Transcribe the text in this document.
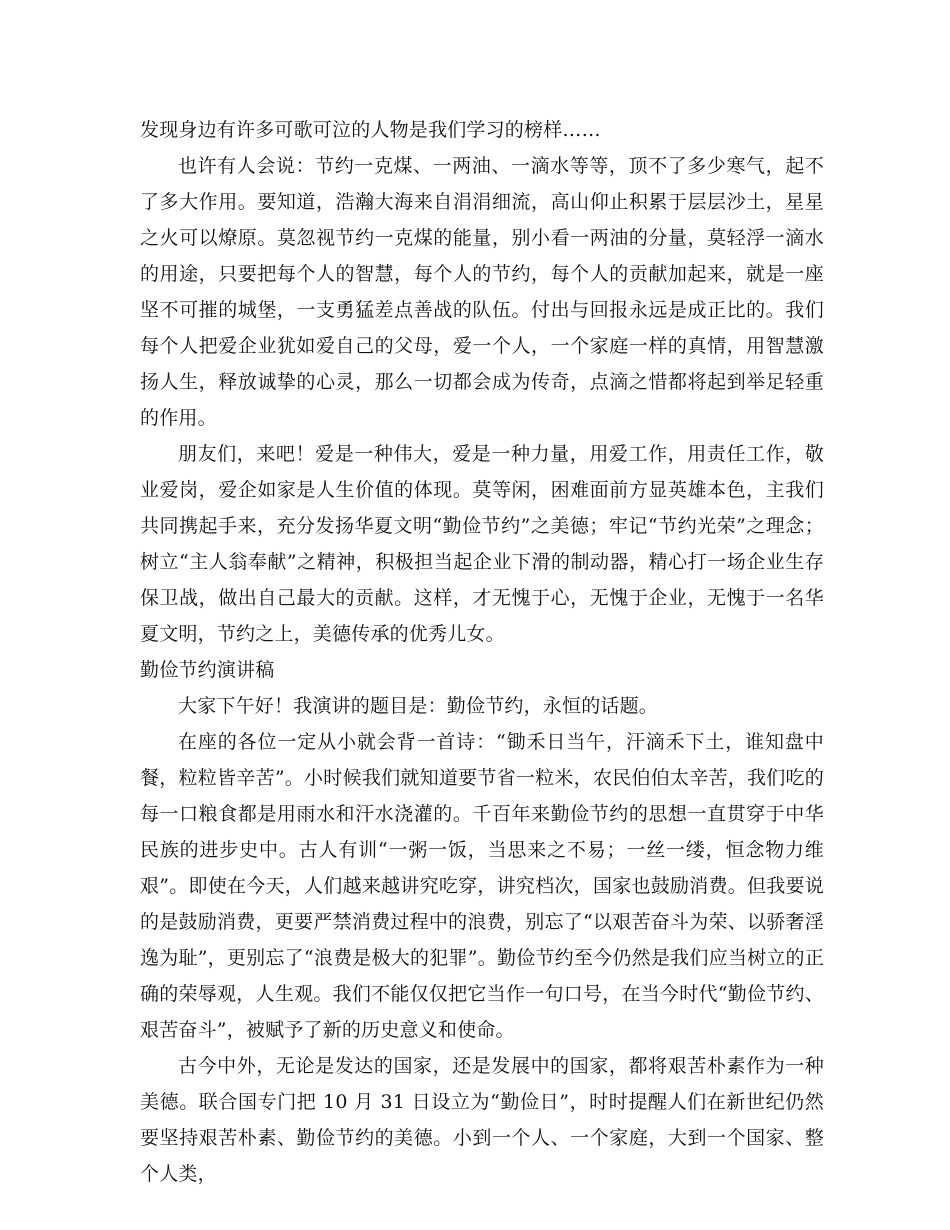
发现身边有许多可歌可泣的人物是我们学习的榜样……

也许有人会说：节约一克煤、一两油、一滴水等等，顶不了多少寒气，起不了多大作用。要知道，浩瀚大海来自涓涓细流，高山仰止积累于层层沙土，星星之火可以燎原。莫忽视节约一克煤的能量，别小看一两油的分量，莫轻浮一滴水的用途，只要把每个人的智慧，每个人的节约，每个人的贡献加起来，就是一座坚不可摧的城堡，一支勇猛差点善战的队伍。付出与回报永远是成正比的。我们每个人把爱企业犹如爱自己的父母，爱一个人，一个家庭一样的真情，用智慧激扬人生，释放诚挚的心灵，那么一切都会成为传奇，点滴之惜都将起到举足轻重的作用。

朋友们，来吧！爱是一种伟大，爱是一种力量，用爱工作，用责任工作，敬业爱岗，爱企如家是人生价值的体现。莫等闲，困难面前方显英雄本色，主我们共同携起手来，充分发扬华夏文明“勤俭节约”之美德；牢记“节约光荣”之理念；树立“主人翁奉献”之精神，积极担当起企业下滑的制动器，精心打一场企业生存保卫战，做出自己最大的贡献。这样，才无愧于心，无愧于企业，无愧于一名华夏文明，节约之上，美德传承的优秀儿女。

勤俭节约演讲稿

大家下午好！我演讲的题目是：勤俭节约，永恒的话题。

在座的各位一定从小就会背一首诗：“锄禾日当午，汗滴禾下土，谁知盘中餐，粒粒皆辛苦”。小时候我们就知道要节省一粒米，农民伯伯太辛苦，我们吃的每一口粮食都是用雨水和汗水浇灌的。千百年来勤俭节约的思想一直贯穿于中华民族的进步史中。古人有训“一粥一饭，当思来之不易；一丝一缕，恒念物力维艰”。即使在今天，人们越来越讲究吃穿，讲究档次，国家也鼓励消费。但我要说的是鼓励消费，更要严禁消费过程中的浪费，别忘了“以艰苦奋斗为荣、以骄奢淫逸为耻”，更别忘了“浪费是极大的犯罪”。勤俭节约至今仍然是我们应当树立的正确的荣辱观，人生观。我们不能仅仅把它当作一句口号，在当今时代“勤俭节约、艰苦奋斗”，被赋予了新的历史意义和使命。

古今中外，无论是发达的国家，还是发展中的国家，都将艰苦朴素作为一种美德。联合国专门把 10 月 31 日设立为“勤俭日”，时时提醒人们在新世纪仍然要坚持艰苦朴素、勤俭节约的美德。小到一个人、一个家庭，大到一个国家、整个人类，
